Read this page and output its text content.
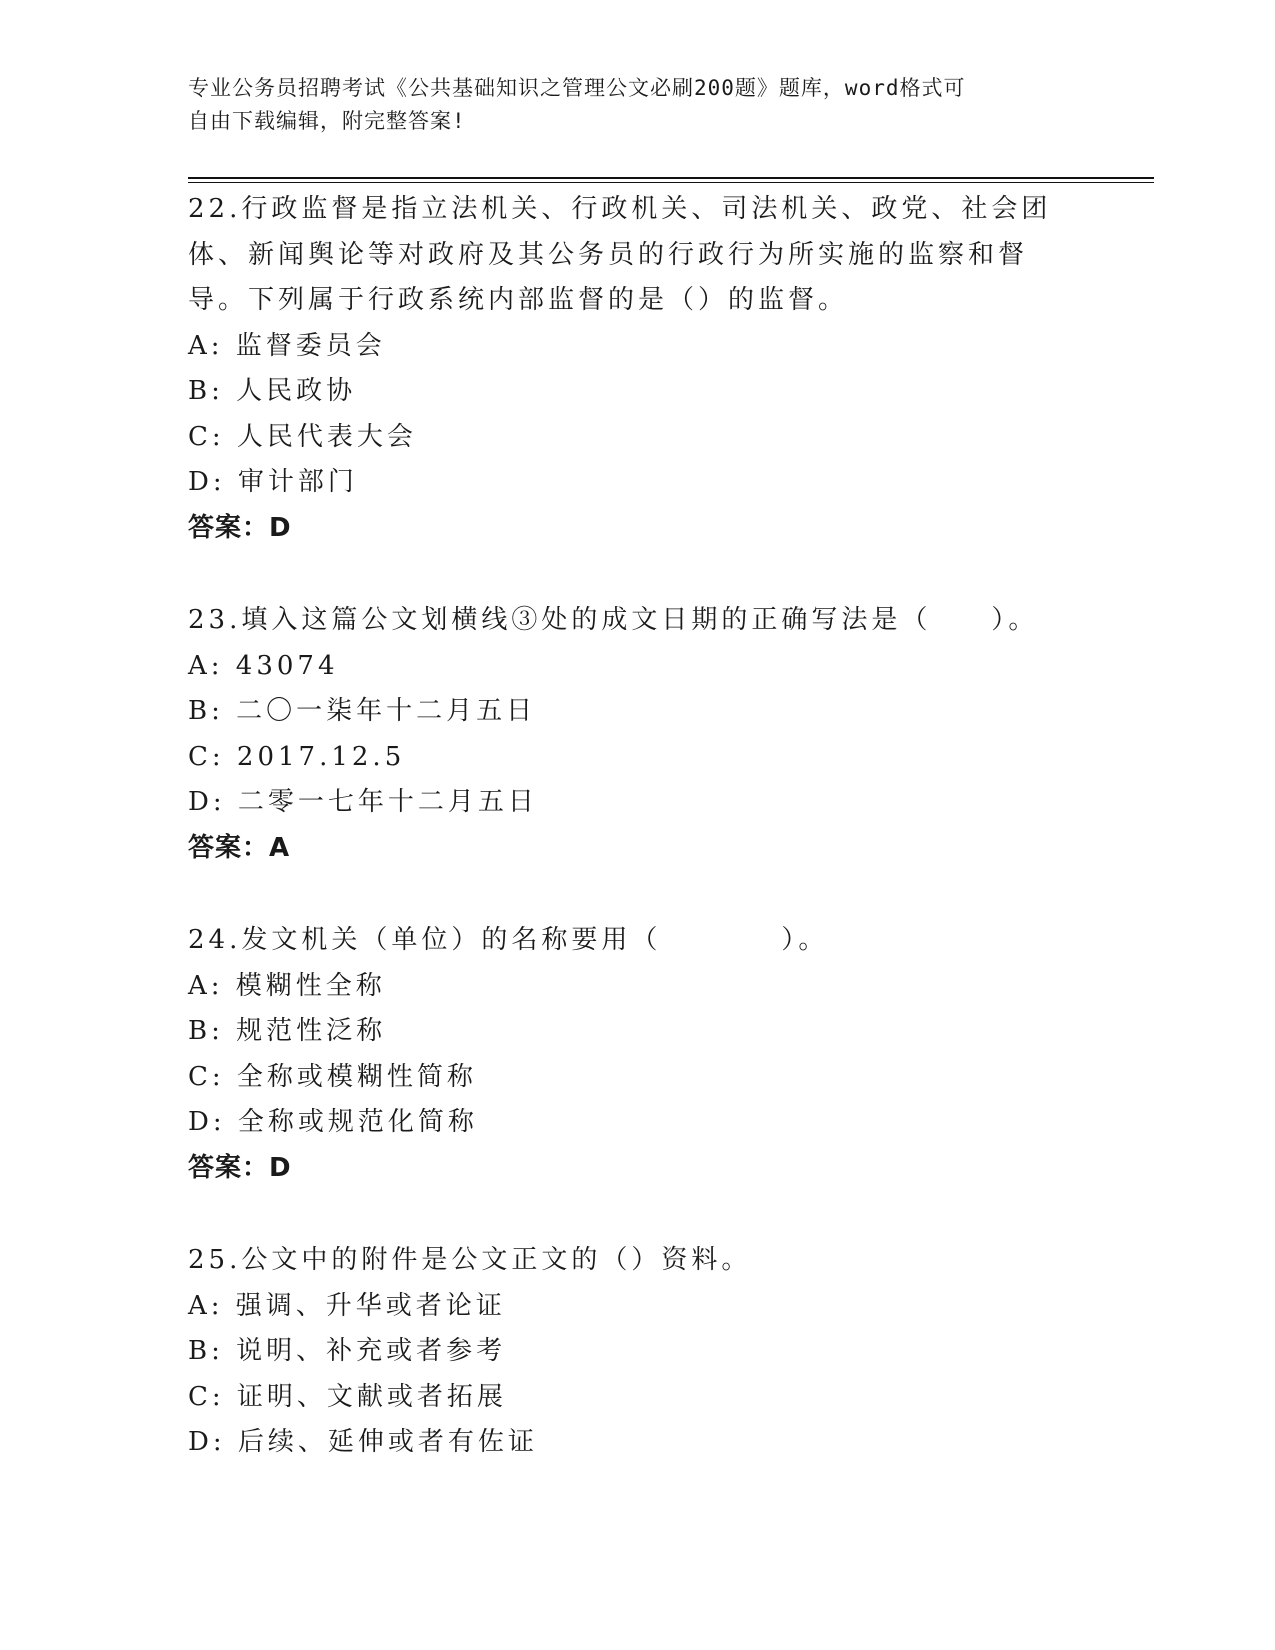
专业公务员招聘考试《公共基础知识之管理公文必刷200题》题库，word格式可
自由下载编辑，附完整答案!

22.行政监督是指立法机关、行政机关、司法机关、政党、社会团体、新闻舆论等对政府及其公务员的行政行为所实施的监察和督导。下列属于行政系统内部监督的是（）的监督。

A: 监督委员会

B: 人民政协

C: 人民代表大会

D: 审计部门

答案：D

23.填入这篇公文划横线③处的成文日期的正确写法是（　　）。

A: 43074

B: 二〇一柒年十二月五日

C: 2017.12.5

D: 二零一七年十二月五日

答案：A

24.发文机关（单位）的名称要用（　　　　）。

A: 模糊性全称

B: 规范性泛称

C: 全称或模糊性简称

D: 全称或规范化简称

答案：D

25.公文中的附件是公文正文的（）资料。

A: 强调、升华或者论证

B: 说明、补充或者参考

C: 证明、文献或者拓展

D: 后续、延伸或者有佐证
